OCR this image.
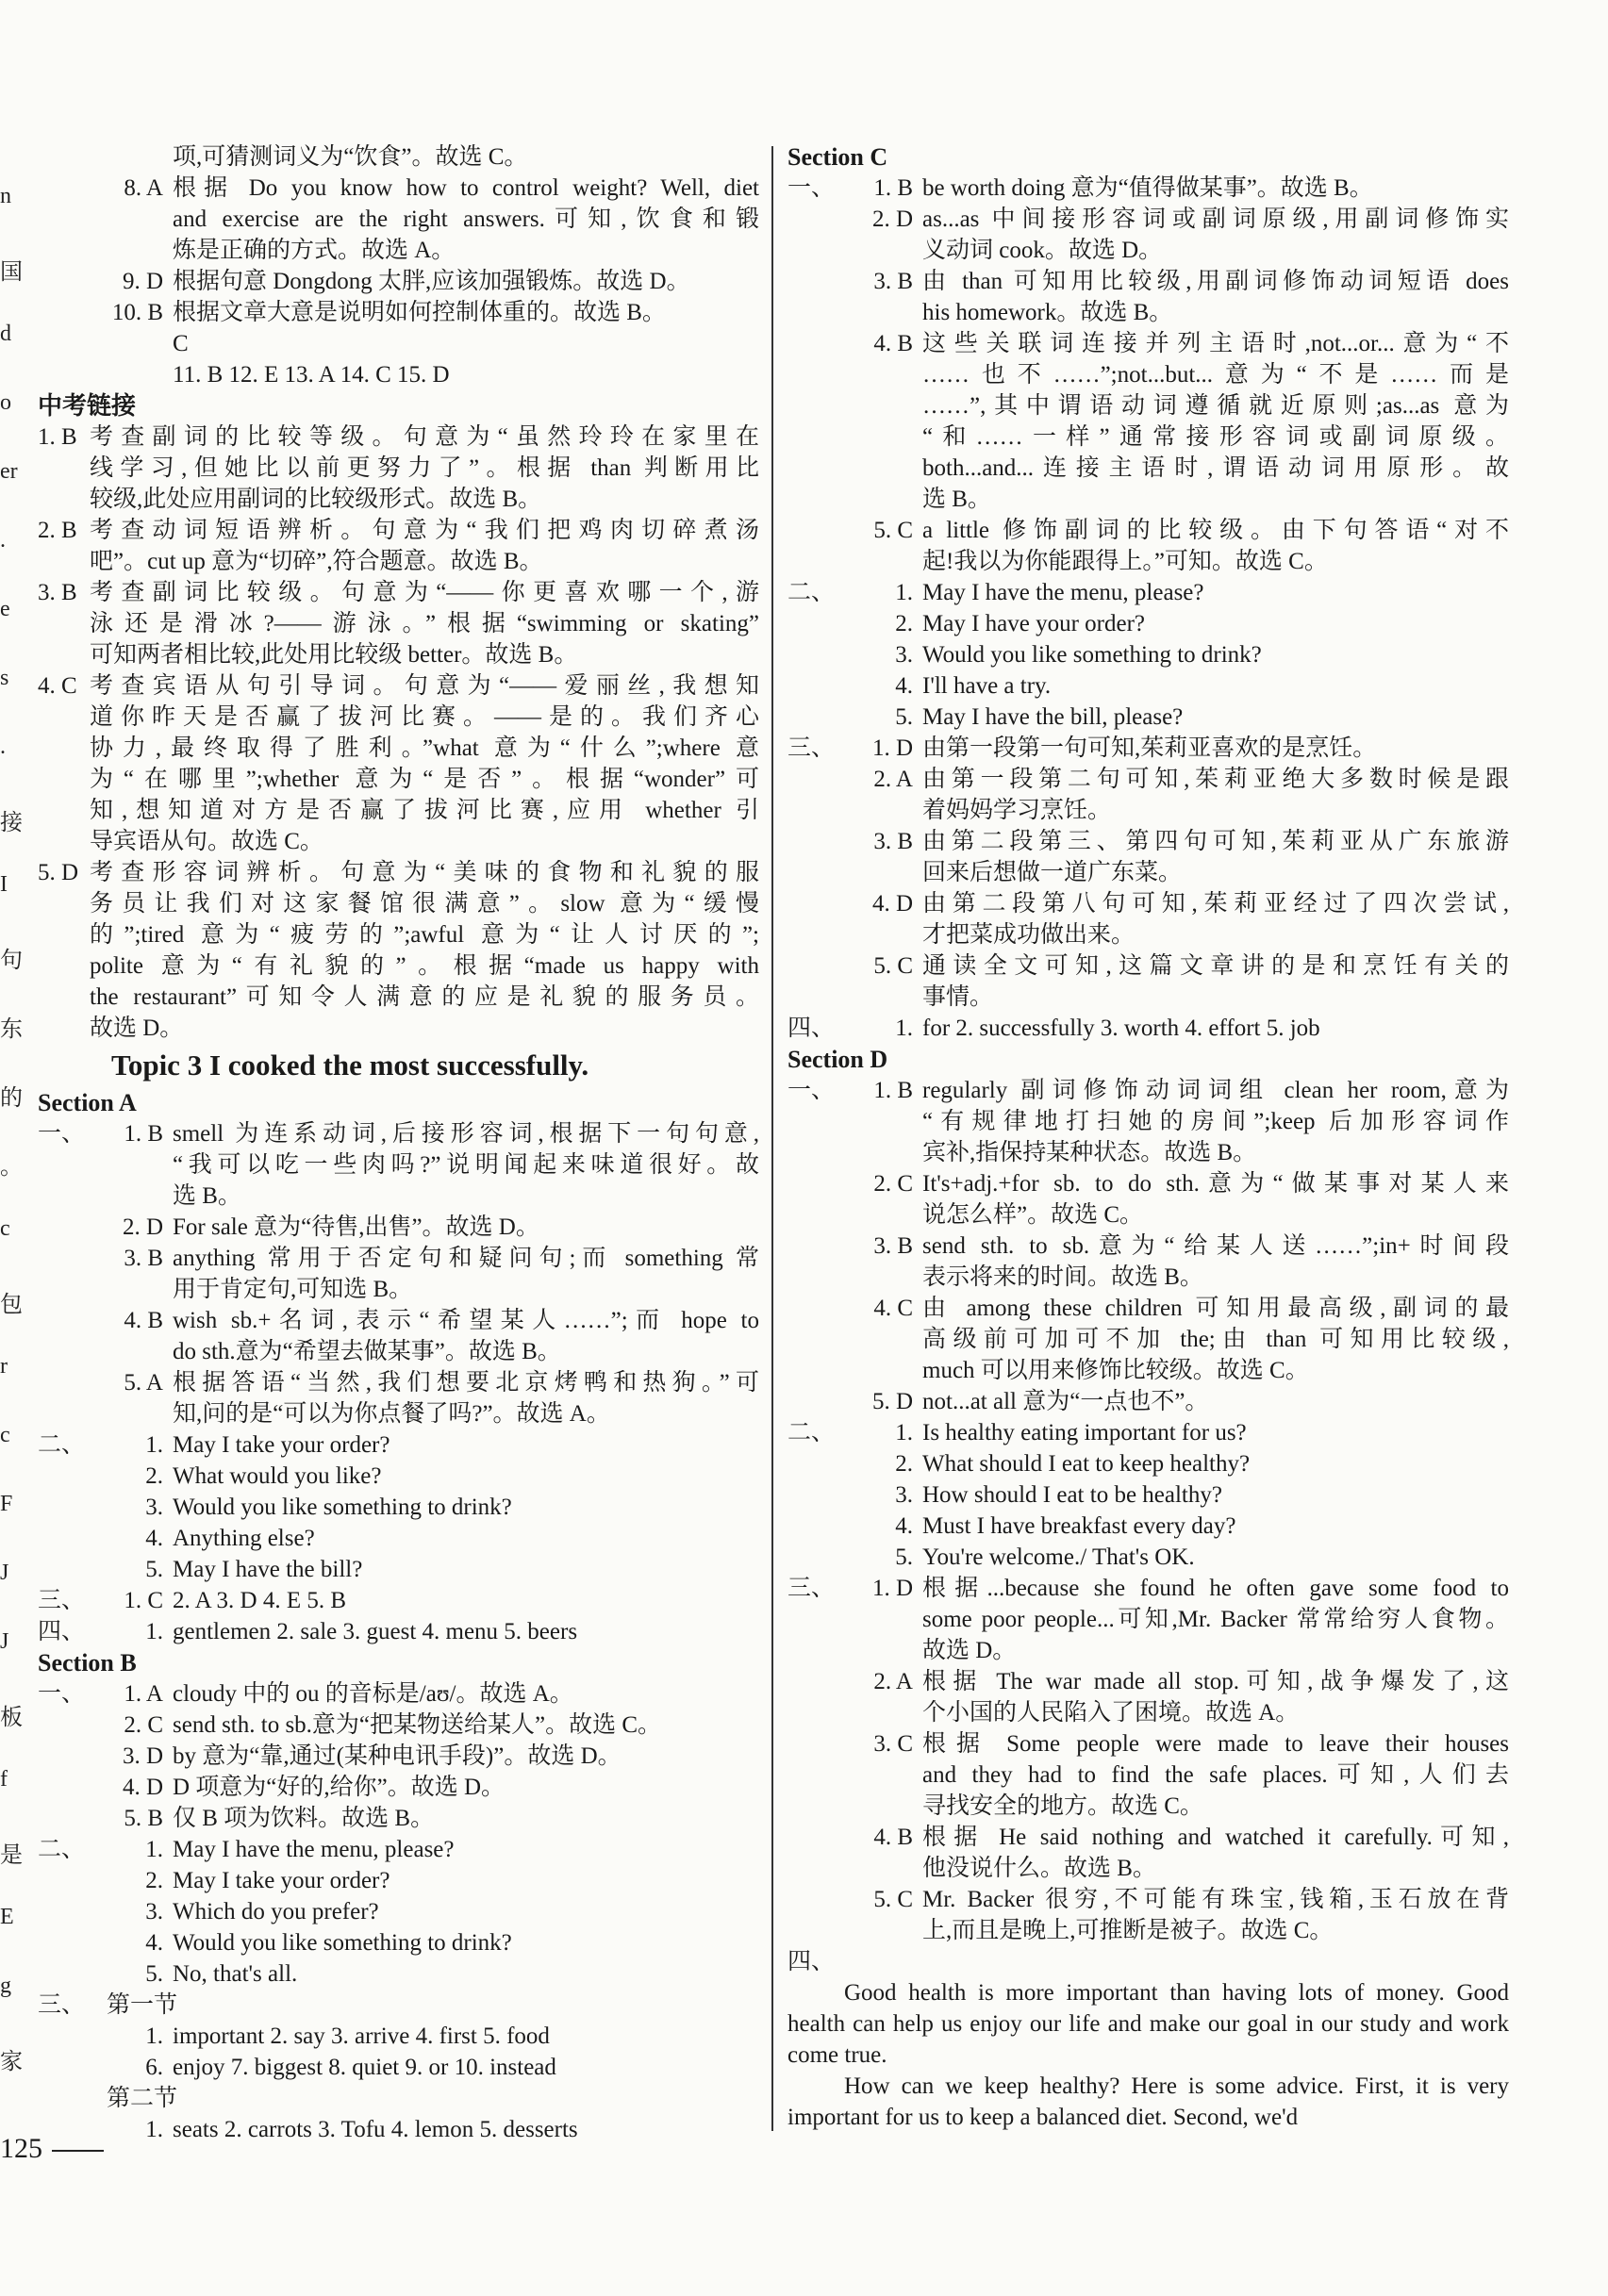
n
国
d
o
er
.
e
s
.
接
I
句
东
的
。
c
包
r
c
F
J
J
板
f
是
E
g
家
项,可猜测词义为“饮食”。故选 C。
8. A 根据 Do you know how to control weight? Well, diet
and exercise are the right answers.可知,饮食和锻
炼是正确的方式。故选 A。
9. D 根据句意 Dongdong 太胖,应该加强锻炼。故选 D。
10. B 根据文章大意是说明如何控制体重的。故选 B。
C
11. B 12. E 13. A 14. C 15. D
中考链接
1. B 考查副词的比较等级。句意为“虽然玲玲在家里在
线学习,但她比以前更努力了”。根据 than 判断用比
较级,此处应用副词的比较级形式。故选 B。
2. B 考查动词短语辨析。句意为“我们把鸡肉切碎煮汤
吧”。cut up 意为“切碎”,符合题意。故选 B。
3. B 考查副词比较级。句意为“——你更喜欢哪一个,游
泳还是滑冰?——游泳。”根据“swimming or skating”
可知两者相比较,此处用比较级 better。故选 B。
4. C 考查宾语从句引导词。句意为“——爱丽丝,我想知
道你昨天是否赢了拔河比赛。——是的。我们齐心
协力,最终取得了胜利。”what 意为“什么”;where 意
为“在哪里”;whether 意为“是否”。根据“wonder”可
知,想知道对方是否赢了拔河比赛,应用 whether 引
导宾语从句。故选 C。
5. D 考查形容词辨析。句意为“美味的食物和礼貌的服
务员让我们对这家餐馆很满意”。slow 意为“缓慢
的”;tired 意为“疲劳的”;awful 意为“让人讨厌的”;
polite 意为“有礼貌的”。根据“made us happy with
the restaurant”可知令人满意的应是礼貌的服务员。
故选 D。
Topic 3 I cooked the most successfully.
Section A
一、	1. B smell 为连系动词,后接形容词,根据下一句句意,
“我可以吃一些肉吗?”说明闻起来味道很好。故
选 B。
2. D For sale 意为“待售,出售”。故选 D。
3. B anything 常用于否定句和疑问句;而 something 常
用于肯定句,可知选 B。
4. B wish sb.+名词,表示“希望某人……”;而 hope to
do sth.意为“希望去做某事”。故选 B。
5. A 根据答语“当然,我们想要北京烤鸭和热狗。”可
知,问的是“可以为你点餐了吗?”。故选 A。
二、	1. May I take your order?
2. What would you like?
3. Would you like something to drink?
4. Anything else?
5. May I have the bill?
三、	1. C 2. A 3. D 4. E 5. B
四、	1. gentlemen 2. sale 3. guest 4. menu 5. beers
Section B
一、	1. A cloudy 中的 ou 的音标是/aʊ/。故选 A。
2. C send sth. to sb.意为“把某物送给某人”。故选 C。
3. D by 意为“靠,通过(某种电讯手段)”。故选 D。
4. D D 项意为“好的,给你”。故选 D。
5. B 仅 B 项为饮料。故选 B。
二、	1. May I have the menu, please?
2. May I take your order?
3. Which do you prefer?
4. Would you like something to drink?
5. No, that's all.
三、 第一节
1. important 2. say 3. arrive 4. first 5. food
6. enjoy 7. biggest 8. quiet 9. or 10. instead
第二节
1. seats 2. carrots 3. Tofu 4. lemon 5. desserts
Section C
一、	1. B be worth doing 意为“值得做某事”。故选 B。
2. D as...as 中间接形容词或副词原级,用副词修饰实
义动词 cook。故选 D。
3. B 由 than 可知用比较级,用副词修饰动词短语 does
his homework。故选 B。
4. B 这些关联词连接并列主语时,not...or...意为“不
……也不……”;not...but...意为“不是……而是
……”,其中谓语动词遵循就近原则;as...as 意为
“和……一样”通常接形容词或副词原级。
both...and...连接主语时,谓语动词用原形。故
选 B。
5. C a little 修饰副词的比较级。由下句答语“对不
起!我以为你能跟得上。”可知。故选 C。
二、	1. May I have the menu, please?
2. May I have your order?
3. Would you like something to drink?
4. I'll have a try.
5. May I have the bill, please?
三、	1. D 由第一段第一句可知,茱莉亚喜欢的是烹饪。
2. A 由第一段第二句可知,茱莉亚绝大多数时候是跟
着妈妈学习烹饪。
3. B 由第二段第三、第四句可知,茱莉亚从广东旅游
回来后想做一道广东菜。
4. D 由第二段第八句可知,茱莉亚经过了四次尝试,
才把菜成功做出来。
5. C 通读全文可知,这篇文章讲的是和烹饪有关的
事情。
四、	1. for 2. successfully 3. worth 4. effort 5. job
Section D
一、	1. B regularly 副词修饰动词词组 clean her room,意为
“有规律地打扫她的房间”;keep 后加形容词作
宾补,指保持某种状态。故选 B。
2. C It's+adj.+for sb. to do sth.意为“做某事对某人来
说怎么样”。故选 C。
3. B send sth. to sb.意为“给某人送……”;in+时间段
表示将来的时间。故选 B。
4. C 由 among these children 可知用最高级,副词的最
高级前可加可不加 the;由 than 可知用比较级,
much 可以用来修饰比较级。故选 C。
5. D not...at all 意为“一点也不”。
二、	1. Is healthy eating important for us?
2. What should I eat to keep healthy?
3. How should I eat to be healthy?
4. Must I have breakfast every day?
5. You're welcome./ That's OK.
三、	1. D 根据...because she found he often gave some food to
some poor people...可知,Mr. Backer 常常给穷人食物。
故选 D。
2. A 根据 The war made all stop.可知,战争爆发了,这
个小国的人民陷入了困境。故选 A。
3. C 根据 Some people were made to leave their houses
and they had to find the safe places.可知,人们去
寻找安全的地方。故选 C。
4. B 根据 He said nothing and watched it carefully.可知,
他没说什么。故选 B。
5. C Mr. Backer 很穷,不可能有珠宝,钱箱,玉石放在背
上,而且是晚上,可推断是被子。故选 C。
四、
Good health is more important than having lots of money. Good health can help us enjoy our life and make our goal in our study and work come true.
How can we keep healthy? Here is some advice. First, it is very important for us to keep a balanced diet. Second, we'd
125
